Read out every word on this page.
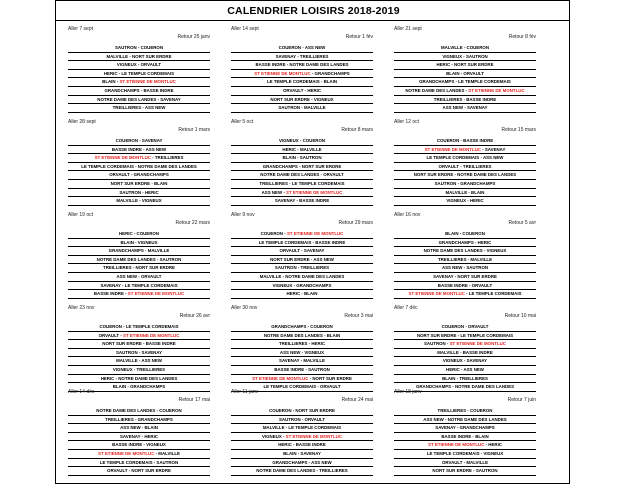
CALENDRIER LOISIRS 2018-2019
Aller 7 sept
Retour 25 janv
SAUTRON - COUERON
MALVILLE - NORT SUR ERDRE
VIGNEUX - ORVAULT
HERIC - LE TEMPLE CORDEMAIS
BLAIN - ST ETIENNE DE MONTLUC
GRANDCHAMPS - BASSE INDRE
NOTRE DAME DES LANDES - SAVENAY
TREILLIERES - ASS NEW
Aller 14 sept
Retour 1 fév
COUERON - ASS NEW
SAVENAY - TREILLIERES
BASSE INDRE - NOTRE DAME DES LANDES
ST ETIENNE DE MONTLUC - GRANDCHAMPS
LE TEMPLE CORDEMAIS - BLAIN
ORVAULT - HERIC
NORT SUR ERDRE - VIGNEUX
SAUTRON - MALVILLE
Aller 21 sept
Retour 8 fév
MALVILLE - COUERON
VIGNEUX - SAUTRON
HERIC - NORT SUR ERDRE
BLAIN - ORVAULT
GRANDCHAMPS - LE TEMPLE CORDEMAIS
NOTRE DAME DES LANDES - ST ETIENNE DE MONTLUC
TREILLIERES - BASSE INDRE
ASS NEW - SAVENAY
Aller 28 sept
Retour 1 mars
COUERON - SAVENAY
BASSE INDRE - ASS NEW
ST ETIENNE DE MONTLUC - TREILLIERES
LE TEMPLE CORDEMAIS - NOTRE DAME DES LANDES
ORVAULT - GRANDCHAMPS
NORT SUR ERDRE - BLAIN
SAUTRON - HERIC
MALVILLE - VIGNEUX
Aller 5 oct
Retour 8 mars
VIGNEUX - COUERON
HERIC - MALVILLE
BLAIN - SAUTRON
GRANDCHAMPS - NORT SUR ERDRE
NOTRE DAME DES LANDES - ORVAULT
TREILLIERES - LE TEMPLE CORDEMAIS
ASS NEW - ST ETIENNE DE MONTLUC
SAVENAY - BASSE INDRE
Aller 12 oct
Retour 15 mars
COUERON - BASSE INDRE
ST ETIENNE DE MONTLUC - SAVENAY
LE TEMPLE CORDEMAIS - ASS NEW
ORVAULT - TREILLIERES
NORT SUR ERDRE - NOTRE DAME DES LANDES
SAUTRON - GRANDCHAMPS
MALVILLE - BLAIN
VIGNEUX - HERIC
Aller 19 oct
Retour 22 mars
HERIC - COUERON
BLAIN - VIGNEUX
GRANDCHAMPS - MALVILLE
NOTRE DAME DES LANDES - SAUTRON
TREILLIERES - NORT SUR ERDRE
ASS NEW - ORVAULT
SAVENAY - LE TEMPLE CORDEMAIS
BASSE INDRE - ST ETIENNE DE MONTLUC
Aller 9 nov
Retour 29 mars
COUERON - ST ETIENNE DE MONTLUC
LE TEMPLE CORDEMAIS - BASSE INDRE
ORVAULT - SAVENAY
NORT SUR ERDRE - ASS NEW
SAUTRON - TREILLIERES
MALVILLE - NOTRE DAME DES LANDES
VIGNEUX - GRANDCHAMPS
HERIC - BLAIN
Aller 16 nov
Retour 5 avr
BLAIN - COUERON
GRANDCHAMPS - HERIC
NOTRE DAME DES LANDES - VIGNEUX
TREILLIERES - MALVILLE
ASS NEW - SAUTRON
SAVENAY - NORT SUR ERDRE
BASSE INDRE - ORVAULT
ST ETIENNE DE MONTLUC - LE TEMPLE CORDEMAIS
Aller 23 nov
Retour 26 avr
COUERON - LE TEMPLE CORDEMAIS
ORVAULT - ST ETIENNE DE MONTLUC
NORT SUR ERDRE - BASSE INDRE
SAUTRON - SAVENAY
MALVILLE - ASS NEW
VIGNEUX - TREILLIERES
HERIC - NOTRE DAME DES LANDES
BLAIN - GRANDCHAMPS
Aller 30 nov
Retour 3 mai
GRANDCHAMPS - COUERON
NOTRE DAME DES LANDES - BLAIN
TREILLIERES - HERIC
ASS NEW - VIGNEUX
SAVENAY - MALVILLE
BASSE INDRE - SAUTRON
ST ETIENNE DE MONTLUC - NORT SUR ERDRE
LE TEMPLE CORDEMAIS - ORVAULT
Aller 7 déc
Retour 10 mai
COUERON - ORVAULT
NORT SUR ERDRE - LE TEMPLE CORDEMAIS
SAUTRON - ST ETIENNE DE MONTLUC
MALVILLE - BASSE INDRE
VIGNEUX - SAVENAY
HERIC - ASS NEW
BLAIN - TREILLIERES
GRANDCHAMPS - NOTRE DAME DES LANDES
Aller 14 déc
Retour 17 mai
NOTRE DAME DES LANDES - COUERON
TREILLIERES - GRANDCHAMPS
ASS NEW - BLAIN
SAVENAY - HERIC
BASSE INDRE - VIGNEUX
ST ETIENNE DE MONTLUC - MALVILLE
LE TEMPLE CORDEMAIS - SAUTRON
ORVAULT - NORT SUR ERDRE
Aller 11 janv
Retour 24 mai
COUERON - NORT SUR ERDRE
SAUTRON - ORVAULT
MALVILLE - LE TEMPLE CORDEMAIS
VIGNEUX - ST ETIENNE DE MONTLUC
HERIC - BASSE INDRE
BLAIN - SAVENAY
GRANDCHAMPS - ASS NEW
NOTRE DAME DES LANDES - TREILLIERES
Aller 18 janv
Retour 7 juin
TREILLIERES - COUERON
ASS NEW - NOTRE DAME DES LANDES
SAVENAY - GRANDCHAMPS
BASSE INDRE - BLAIN
ST ETIENNE DE MONTLUC - HERIC
LE TEMPLE CORDEMAIS - VIGNEUX
ORVAULT - MALVILLE
NORT SUR ERDRE - SAUTRON
